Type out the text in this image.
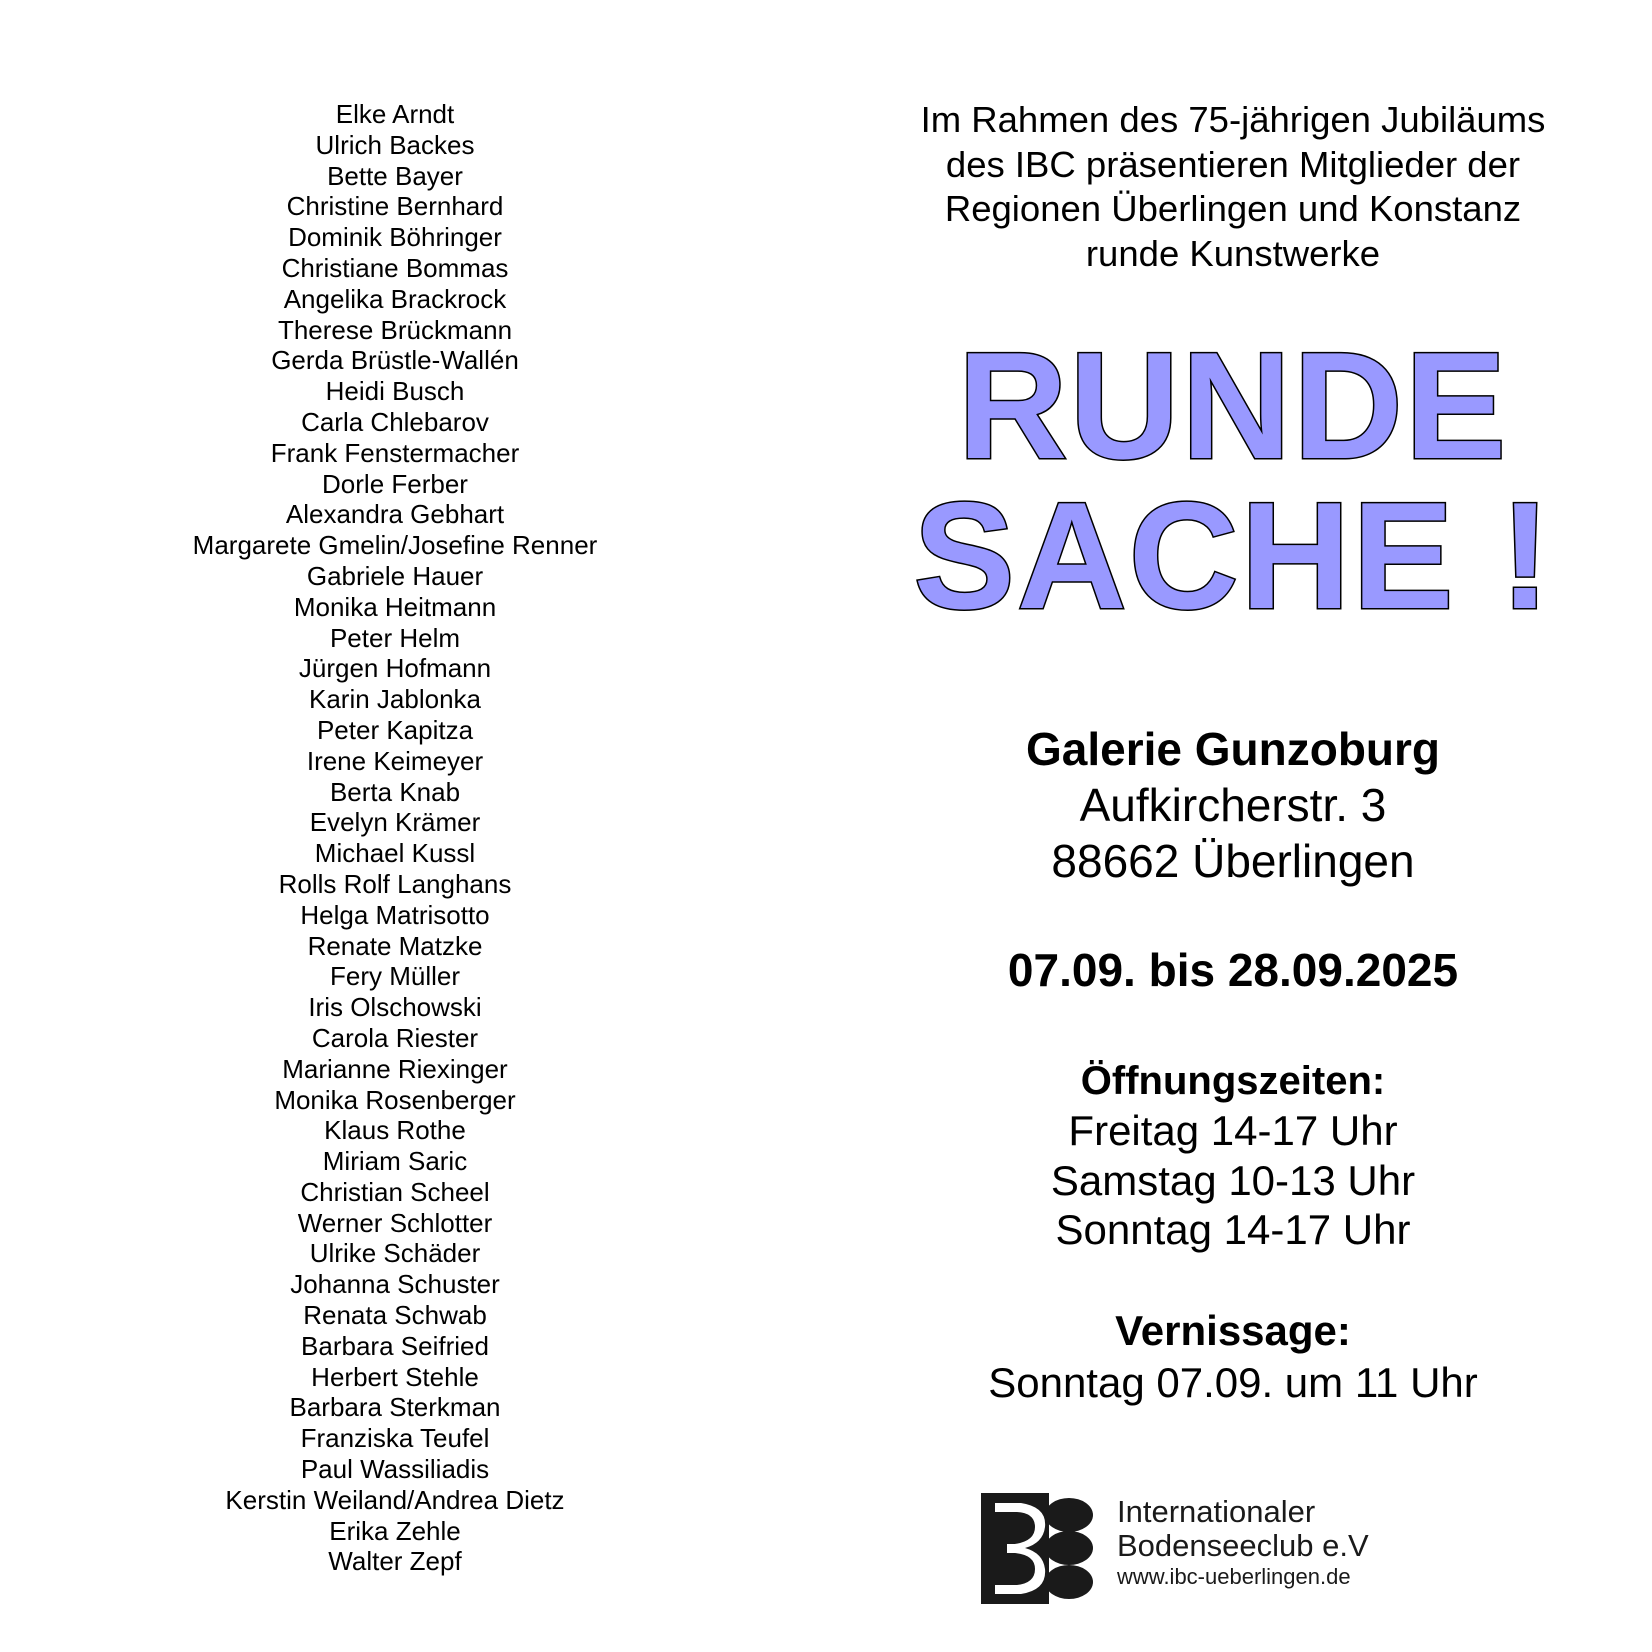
Elke Arndt
Ulrich Backes
Bette Bayer
Christine Bernhard
Dominik Böhringer
Christiane Bommas
Angelika Brackrock
Therese Brückmann
Gerda Brüstle-Wallén
Heidi Busch
Carla Chlebarov
Frank Fenstermacher
Dorle Ferber
Alexandra Gebhart
Margarete Gmelin/Josefine Renner
Gabriele Hauer
Monika Heitmann
Peter Helm
Jürgen Hofmann
Karin Jablonka
Peter Kapitza
Irene Keimeyer
Berta Knab
Evelyn Krämer
Michael Kussl
Rolls Rolf Langhans
Helga Matrisotto
Renate Matzke
Fery Müller
Iris Olschowski
Carola Riester
Marianne Riexinger
Monika Rosenberger
Klaus Rothe
Miriam Saric
Christian Scheel
Werner Schlotter
Ulrike Schäder
Johanna Schuster
Renata Schwab
Barbara Seifried
Herbert Stehle
Barbara Sterkman
Franziska Teufel
Paul Wassiliadis
Kerstin Weiland/Andrea Dietz
Erika Zehle
Walter Zepf
Im Rahmen des 75-jährigen Jubiläums
des IBC präsentieren Mitglieder der
Regionen Überlingen und Konstanz
runde Kunstwerke
RUNDE
SACHE !
Galerie Gunzoburg
Aufkircherstr. 3
88662 Überlingen
07.09. bis 28.09.2025
Öffnungszeiten:
Freitag 14-17 Uhr
Samstag 10-13 Uhr
Sonntag 14-17 Uhr
Vernissage:
Sonntag 07.09. um 11 Uhr
Internationaler
Bodenseeclub e.V
www.ibc-ueberlingen.de
